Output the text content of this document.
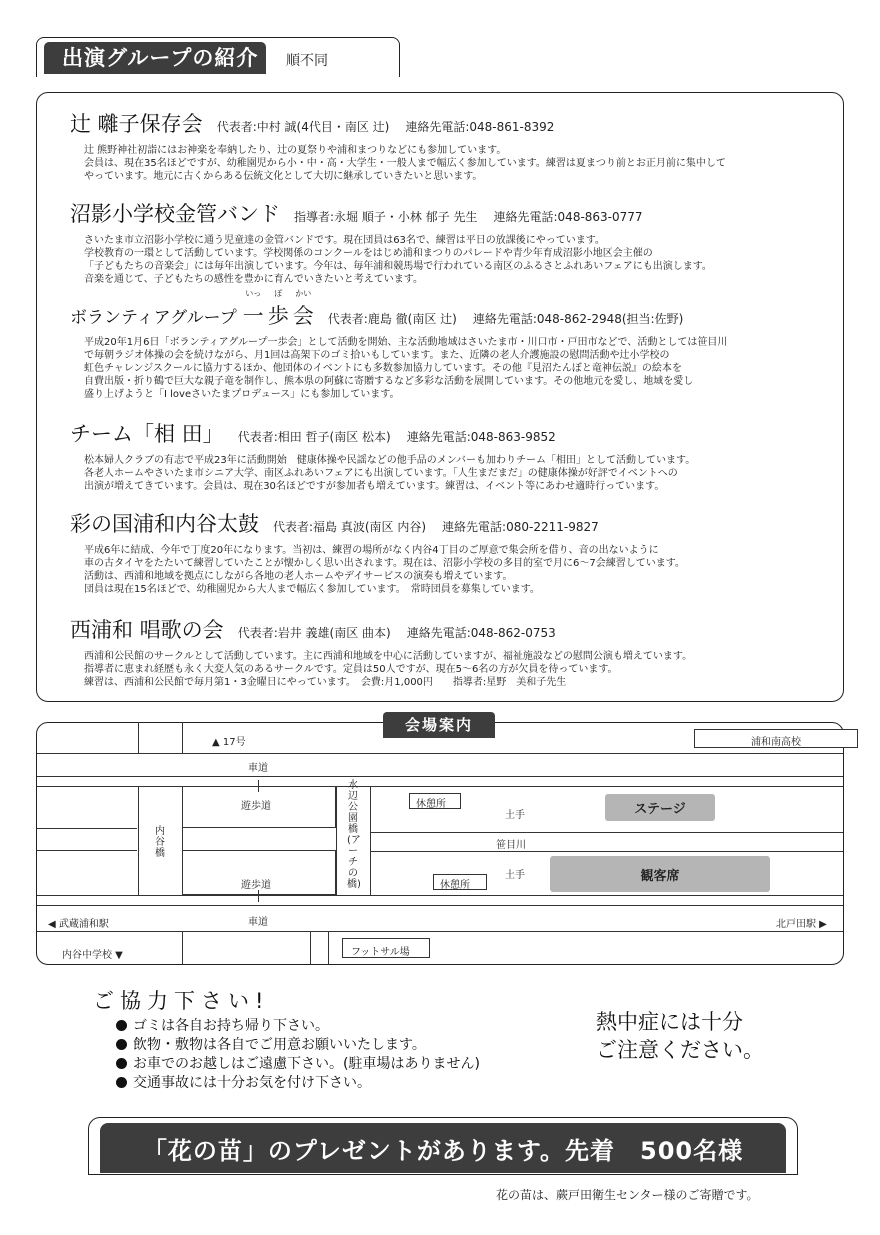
出演グループの紹介	順不同
辻 囃子保存会 代表者:中村 誠(4代目・南区 辻) 連絡先電話:048-861-8392
辻 熊野神社初詣にはお神楽を奉納したり、辻の夏祭りや浦和まつりなどにも参加しています。
会員は、現在35名ほどですが、幼稚園児から小・中・高・大学生・一般人まで幅広く参加しています。練習は夏まつり前とお正月前に集中して
やっています。地元に古くからある伝統文化として大切に継承していきたいと思います。
沼影小学校金管バンド 指導者:永堀 順子・小林 郁子 先生 連絡先電話:048-863-0777
さいたま市立沼影小学校に通う児童達の金管バンドです。現在団員は63名で、練習は平日の放課後にやっています。
学校教育の一環として活動しています。学校関係のコンクールをはじめ浦和まつりのパレードや青少年育成沼影小地区会主催の
「子どもたちの音楽会」には毎年出演しています。今年は、毎年浦和競馬場で行われている南区のふるさとふれあいフェアにも出演します。
音楽を通じて、子どもたちの感性を豊かに育んでいきたいと考えています。
ボランティアグループ
いっ
一
ぽ
歩
かい
会 代表者:鹿島 徹(南区 辻) 連絡先電話:048-862-2948(担当:佐野)
平成20年1月6日「ボランティアグループ一歩会」として活動を開始、主な活動地域はさいたま市・川口市・戸田市などで、活動としては笹目川
で毎朝ラジオ体操の会を続けながら、月1回は高架下のゴミ拾いもしています。また、近隣の老人介護施設の慰問活動や辻小学校の
虹色チャレンジスクールに協力するほか、他団体のイベントにも多数参加協力しています。その他『見沼たんぼと竜神伝説』の絵本を
自費出版・折り鶴で巨大な親子竜を制作し、熊本県の阿蘇に寄贈するなど多彩な活動を展開しています。その他地元を愛し、地域を愛し
盛り上げようと「I loveさいたまプロデュース」にも参加しています。
チーム「相 田」 代表者:相田 哲子(南区 松本) 連絡先電話:048-863-9852
松本婦人クラブの有志で平成23年に活動開始　健康体操や民謡などの他手品のメンバーも加わりチーム「相田」として活動しています。
各老人ホームやさいたま市シニア大学、南区ふれあいフェアにも出演しています。「人生まだまだ」の健康体操が好評でイベントへの
出演が増えてきています。会員は、現在30名ほどですが参加者も増えています。練習は、イベント等にあわせ適時行っています。
彩の国浦和内谷太鼓 代表者:福島 真波(南区 内谷) 連絡先電話:080-2211-9827
平成6年に結成、今年で丁度20年になります。当初は、練習の場所がなく内谷4丁目のご厚意で集会所を借り、音の出ないように
車の古タイヤをたたいて練習していたことが懐かしく思い出されます。現在は、沼影小学校の多目的室で月に6～7会練習しています。
活動は、西浦和地域を拠点にしながら各地の老人ホームやデイサービスの演奏も増えています。
団員は現在15名ほどで、幼稚園児から大人まで幅広く参加しています。　常時団員を募集しています。
西浦和 唱歌の会 代表者:岩井 義雄(南区 曲本) 連絡先電話:048-862-0753
西浦和公民館のサークルとして活動しています。主に西浦和地域を中心に活動していますが、福祉施設などの慰問公演も増えています。
指導者に恵まれ経歴も永く大変人気のあるサークルです。定員は50人ですが、現在5～6名の方が欠員を待っています。
練習は、西浦和公民館で毎月第1・3金曜日にやっています。　会費:月1,000円　　指導者:星野　美和子先生
会場案内
▲ 17号	浦和南高校
車道
遊歩道
遊歩道
内谷橋
水辺公園橋(アーチの橋)
休憩所
土手	ステージ
笹目川
休憩所
土手	観客席
◀ 武蔵浦和駅	車道	北戸田駅 ▶
内谷中学校 ▼	フットサル場
ご協力下さい!
ゴミは各自お持ち帰り下さい。
飲物・敷物は各自でご用意お願いいたします。
お車でのお越しはご遠慮下さい。(駐車場はありません)
交通事故には十分お気を付け下さい。
熱中症には十分
ご注意ください。
「花の苗」のプレゼントがあります。先着　500名様
花の苗は、蕨戸田衛生センター様のご寄贈です。
